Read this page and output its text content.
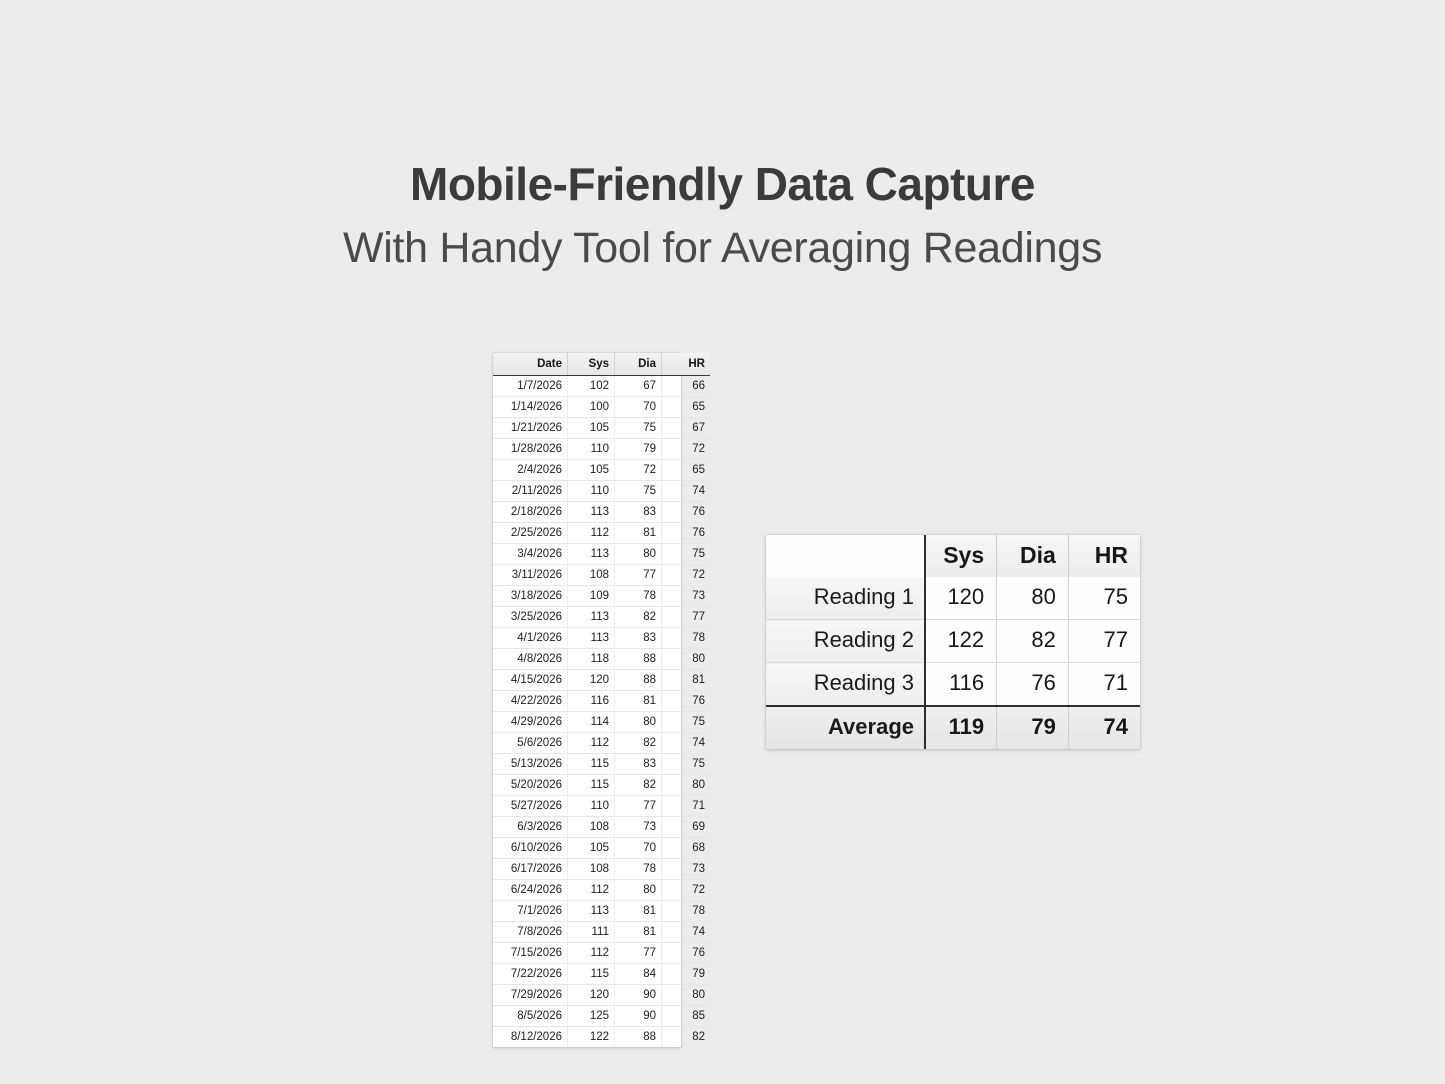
Mobile-Friendly Data Capture
With Handy Tool for Averaging Readings
Date	Sys	Dia	HR
1/7/2026	102	67	66
1/14/2026	100	70	65
1/21/2026	105	75	67
1/28/2026	110	79	72
2/4/2026	105	72	65
2/11/2026	110	75	74
2/18/2026	113	83	76
2/25/2026	112	81	76
3/4/2026	113	80	75
3/11/2026	108	77	72
3/18/2026	109	78	73
3/25/2026	113	82	77
4/1/2026	113	83	78
4/8/2026	118	88	80
4/15/2026	120	88	81
4/22/2026	116	81	76
4/29/2026	114	80	75
5/6/2026	112	82	74
5/13/2026	115	83	75
5/20/2026	115	82	80
5/27/2026	110	77	71
6/3/2026	108	73	69
6/10/2026	105	70	68
6/17/2026	108	78	73
6/24/2026	112	80	72
7/1/2026	113	81	78
7/8/2026	111	81	74
7/15/2026	112	77	76
7/22/2026	115	84	79
7/29/2026	120	90	80
8/5/2026	125	90	85
8/12/2026	122	88	82
	Sys	Dia	HR
Reading 1	120	80	75
Reading 2	122	82	77
Reading 3	116	76	71
Average	119	79	74
